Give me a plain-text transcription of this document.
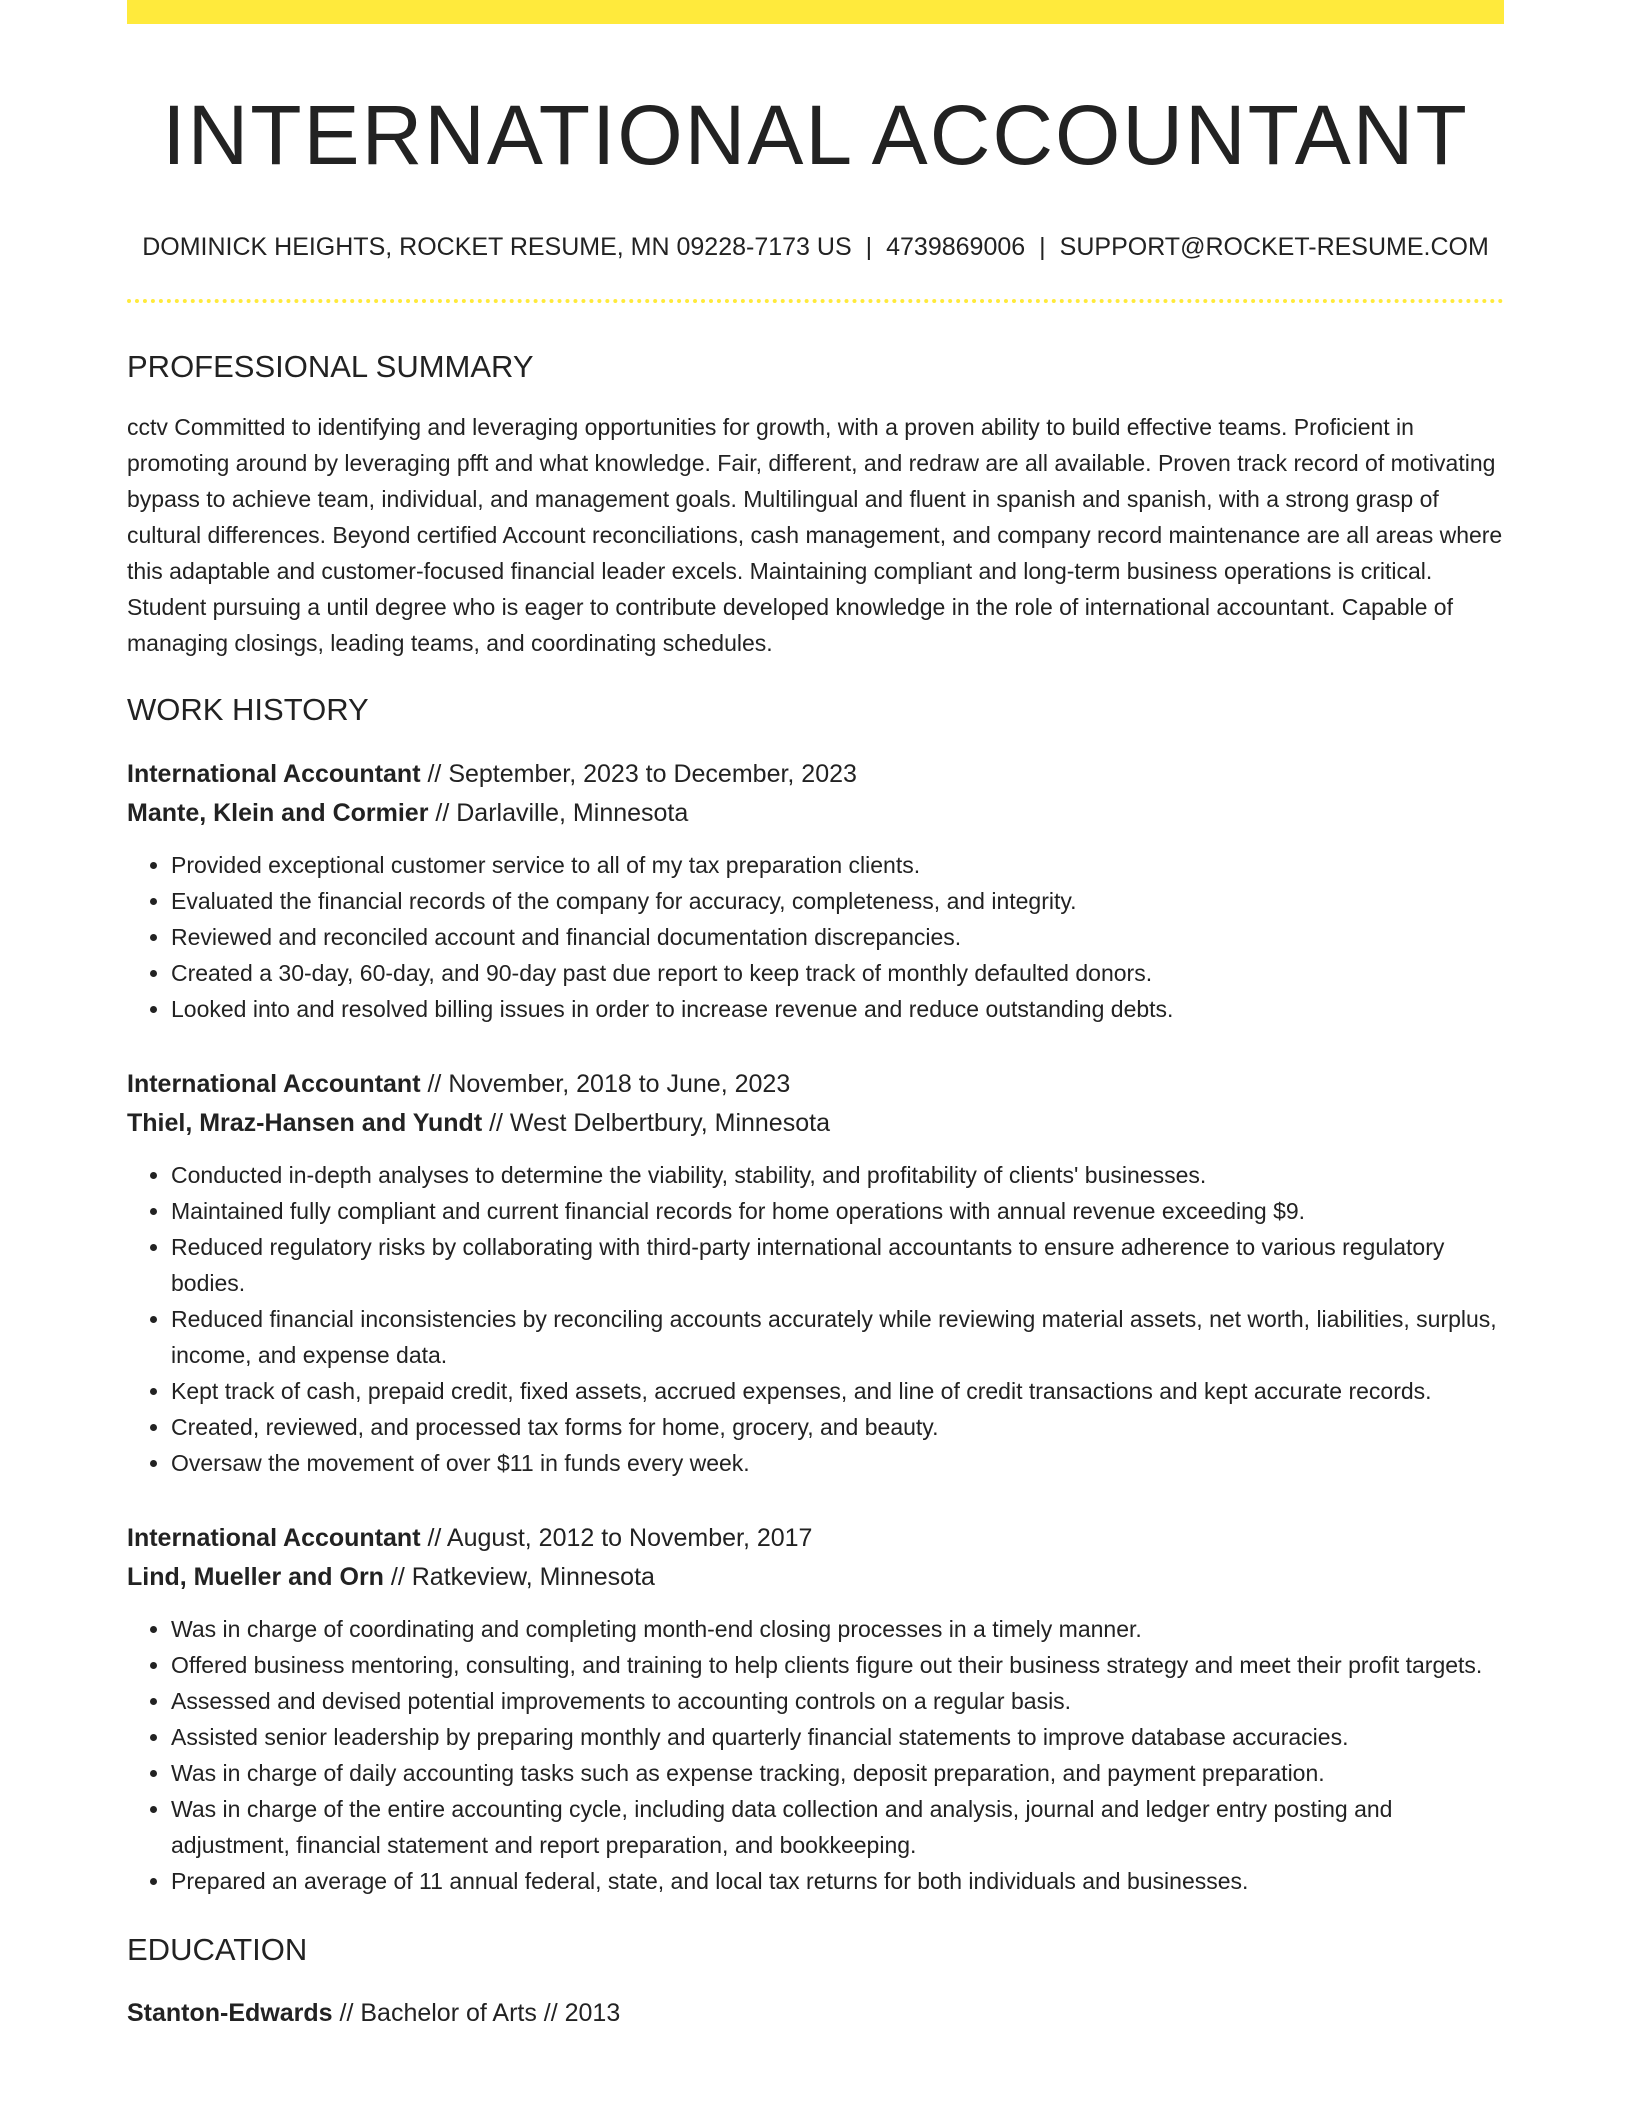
INTERNATIONAL ACCOUNTANT
DOMINICK HEIGHTS, ROCKET RESUME, MN 09228-7173 US | 4739869006 | SUPPORT@ROCKET-RESUME.COM
PROFESSIONAL SUMMARY

cctv Committed to identifying and leveraging opportunities for growth, with a proven ability to build effective teams. Proficient in promoting around by leveraging pfft and what knowledge. Fair, different, and redraw are all available. Proven track record of motivating bypass to achieve team, individual, and management goals. Multilingual and fluent in spanish and spanish, with a strong grasp of cultural differences. Beyond certified Account reconciliations, cash management, and company record maintenance are all areas where this adaptable and customer-focused financial leader excels. Maintaining compliant and long-term business operations is critical. Student pursuing a until degree who is eager to contribute developed knowledge in the role of international accountant. Capable of managing closings, leading teams, and coordinating schedules.

WORK HISTORY
International Accountant // September, 2023 to December, 2023
Mante, Klein and Cormier // Darlaville, Minnesota
• Provided exceptional customer service to all of my tax preparation clients.
• Evaluated the financial records of the company for accuracy, completeness, and integrity.
• Reviewed and reconciled account and financial documentation discrepancies.
• Created a 30-day, 60-day, and 90-day past due report to keep track of monthly defaulted donors.
• Looked into and resolved billing issues in order to increase revenue and reduce outstanding debts.
International Accountant // November, 2018 to June, 2023
Thiel, Mraz-Hansen and Yundt // West Delbertbury, Minnesota
• Conducted in-depth analyses to determine the viability, stability, and profitability of clients' businesses.
• Maintained fully compliant and current financial records for home operations with annual revenue exceeding $9.
• Reduced regulatory risks by collaborating with third-party international accountants to ensure adherence to various regulatory bodies.
• Reduced financial inconsistencies by reconciling accounts accurately while reviewing material assets, net worth, liabilities, surplus, income, and expense data.
• Kept track of cash, prepaid credit, fixed assets, accrued expenses, and line of credit transactions and kept accurate records.
• Created, reviewed, and processed tax forms for home, grocery, and beauty.
• Oversaw the movement of over $11 in funds every week.
International Accountant // August, 2012 to November, 2017
Lind, Mueller and Orn // Ratkeview, Minnesota
• Was in charge of coordinating and completing month-end closing processes in a timely manner.
• Offered business mentoring, consulting, and training to help clients figure out their business strategy and meet their profit targets.
• Assessed and devised potential improvements to accounting controls on a regular basis.
• Assisted senior leadership by preparing monthly and quarterly financial statements to improve database accuracies.
• Was in charge of daily accounting tasks such as expense tracking, deposit preparation, and payment preparation.
• Was in charge of the entire accounting cycle, including data collection and analysis, journal and ledger entry posting and adjustment, financial statement and report preparation, and bookkeeping.
• Prepared an average of 11 annual federal, state, and local tax returns for both individuals and businesses.
EDUCATION
Stanton-Edwards // Bachelor of Arts // 2013
